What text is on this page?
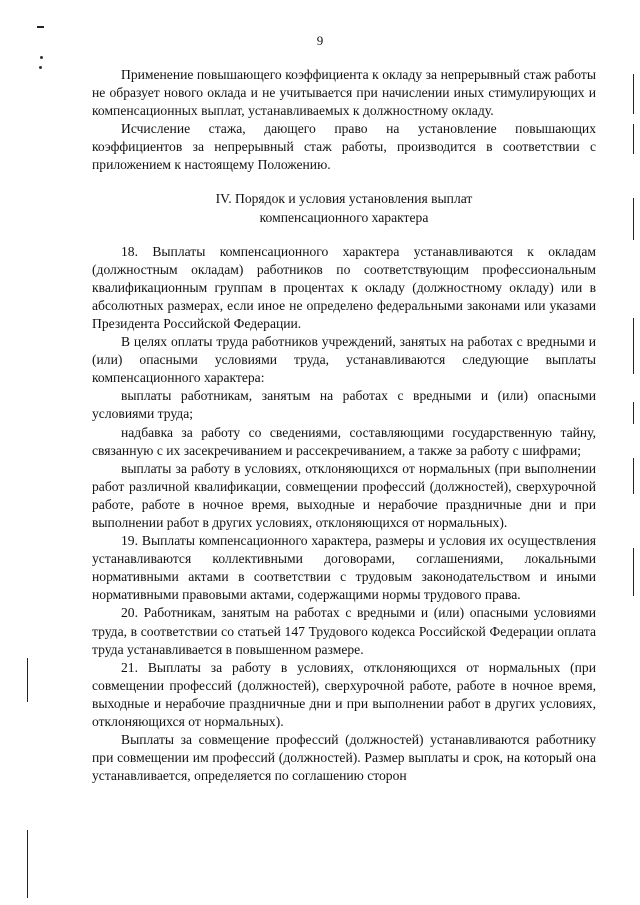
9

Применение повышающего коэффициента к окладу за непрерывный стаж работы не образует нового оклада и не учитывается при начислении иных стимулирующих и компенсационных выплат, устанавливаемых к должностному окладу.

Исчисление стажа, дающего право на установление повышающих коэффициентов за непрерывный стаж работы, производится в соответствии с приложением к настоящему Положению.

IV. Порядок и условия установления выплат
компенсационного характера

18. Выплаты компенсационного характера устанавливаются к окладам (должностным окладам) работников по соответствующим профессиональным квалификационным группам в процентах к окладу (должностному окладу) или в абсолютных размерах, если иное не определено федеральными законами или указами Президента Российской Федерации.

В целях оплаты труда работников учреждений, занятых на работах с вредными и (или) опасными условиями труда, устанавливаются следующие выплаты компенсационного характера:

выплаты работникам, занятым на работах с вредными и (или) опасными условиями труда;

надбавка за работу со сведениями, составляющими государственную тайну, связанную с их засекречиванием и рассекречиванием, а также за работу с шифрами;

выплаты за работу в условиях, отклоняющихся от нормальных (при выполнении работ различной квалификации, совмещении профессий (должностей), сверхурочной работе, работе в ночное время, выходные и нерабочие праздничные дни и при выполнении работ в других условиях, отклоняющихся от нормальных).

19. Выплаты компенсационного характера, размеры и условия их осуществления устанавливаются коллективными договорами, соглашениями, локальными нормативными актами в соответствии с трудовым законодательством и иными нормативными правовыми актами, содержащими нормы трудового права.

20. Работникам, занятым на работах с вредными и (или) опасными условиями труда, в соответствии со статьей 147 Трудового кодекса Российской Федерации оплата труда устанавливается в повышенном размере.

21. Выплаты за работу в условиях, отклоняющихся от нормальных (при совмещении профессий (должностей), сверхурочной работе, работе в ночное время, выходные и нерабочие праздничные дни и при выполнении работ в других условиях, отклоняющихся от нормальных).

Выплаты за совмещение профессий (должностей) устанавливаются работнику при совмещении им профессий (должностей). Размер выплаты и срок, на который она устанавливается, определяется по соглашению сторон
